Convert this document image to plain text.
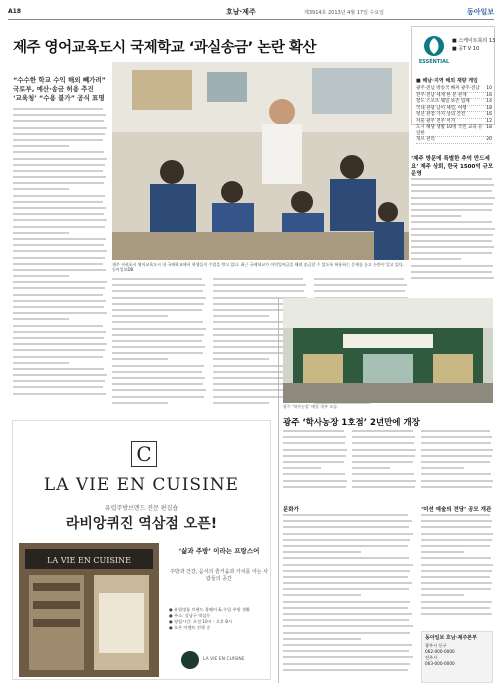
A18	호남·제주	제3914호 2013년 4월 17일 수요일	동아일보
제주 영어교육도시 국제학교 ‘과실송금’ 논란 확산
ESSENTIAL
■ 스케이트북리 13
■ 공T V 10
■ 해남·지역 해외 재량 게임
광주·전남 방송국 빠져 광주·전남 10
전주·전남 세계 한 분 관계	16
철도 스포츠 웨일 보존 업체	14
국내 관광 남이 체험, 여행	18
청년 관점 가지 상의 건전	16
서울 광주 전주 이겨	12
도시 해당 생활 10명 국민 교육 유일한
18
개포 관리	20
“수수한 학교 수익 해외 빼가려”
국토부, 예산·송금 허용 추진
‘교육청’ “수용 불가” 공식 표명
제주 서귀포시 영어교육도시 내 국제학교에서 학생들이 수업을 받고 있다. 최근 국제학교가 이익잉여금을 해외 송금할 수 있도록 허용하는 문제를 놓고 논란이 일고 있다. 동아일보DB
‘제주 방문에 특별한 추억 만드세요’ 제주 상회, 한국 1500억 규모 운영
광주 ‘학사농장’ 매장 내부 모습.
광주 ‘학사농장 1호점’ 2년만에 개장
문화가	‘미션 예술의 전당’ 공모 개관
동아일보 호남·제주본부
광주시 동구
062-000-0000
전주시
063-000-0000
C
LA VIE EN CUISINE
유럽주방브랜드 전문 편집숍
라비앙퀴진 역삼점 오픈!
LA VIE EN CUISINE
‘삶과 주방’ 이라는 프랑스어
주방과 건강, 음식의 즐거움과 가치를 아는 사람들의 공간
● 유럽명품 브랜드 홈웨어 & 수입 주방 생활
● 주소: 강남구 역삼동
● 영업시간: 오전 10시 - 오후 8시
● 오픈 이벤트 진행 중
LA VIE EN CUISINE
